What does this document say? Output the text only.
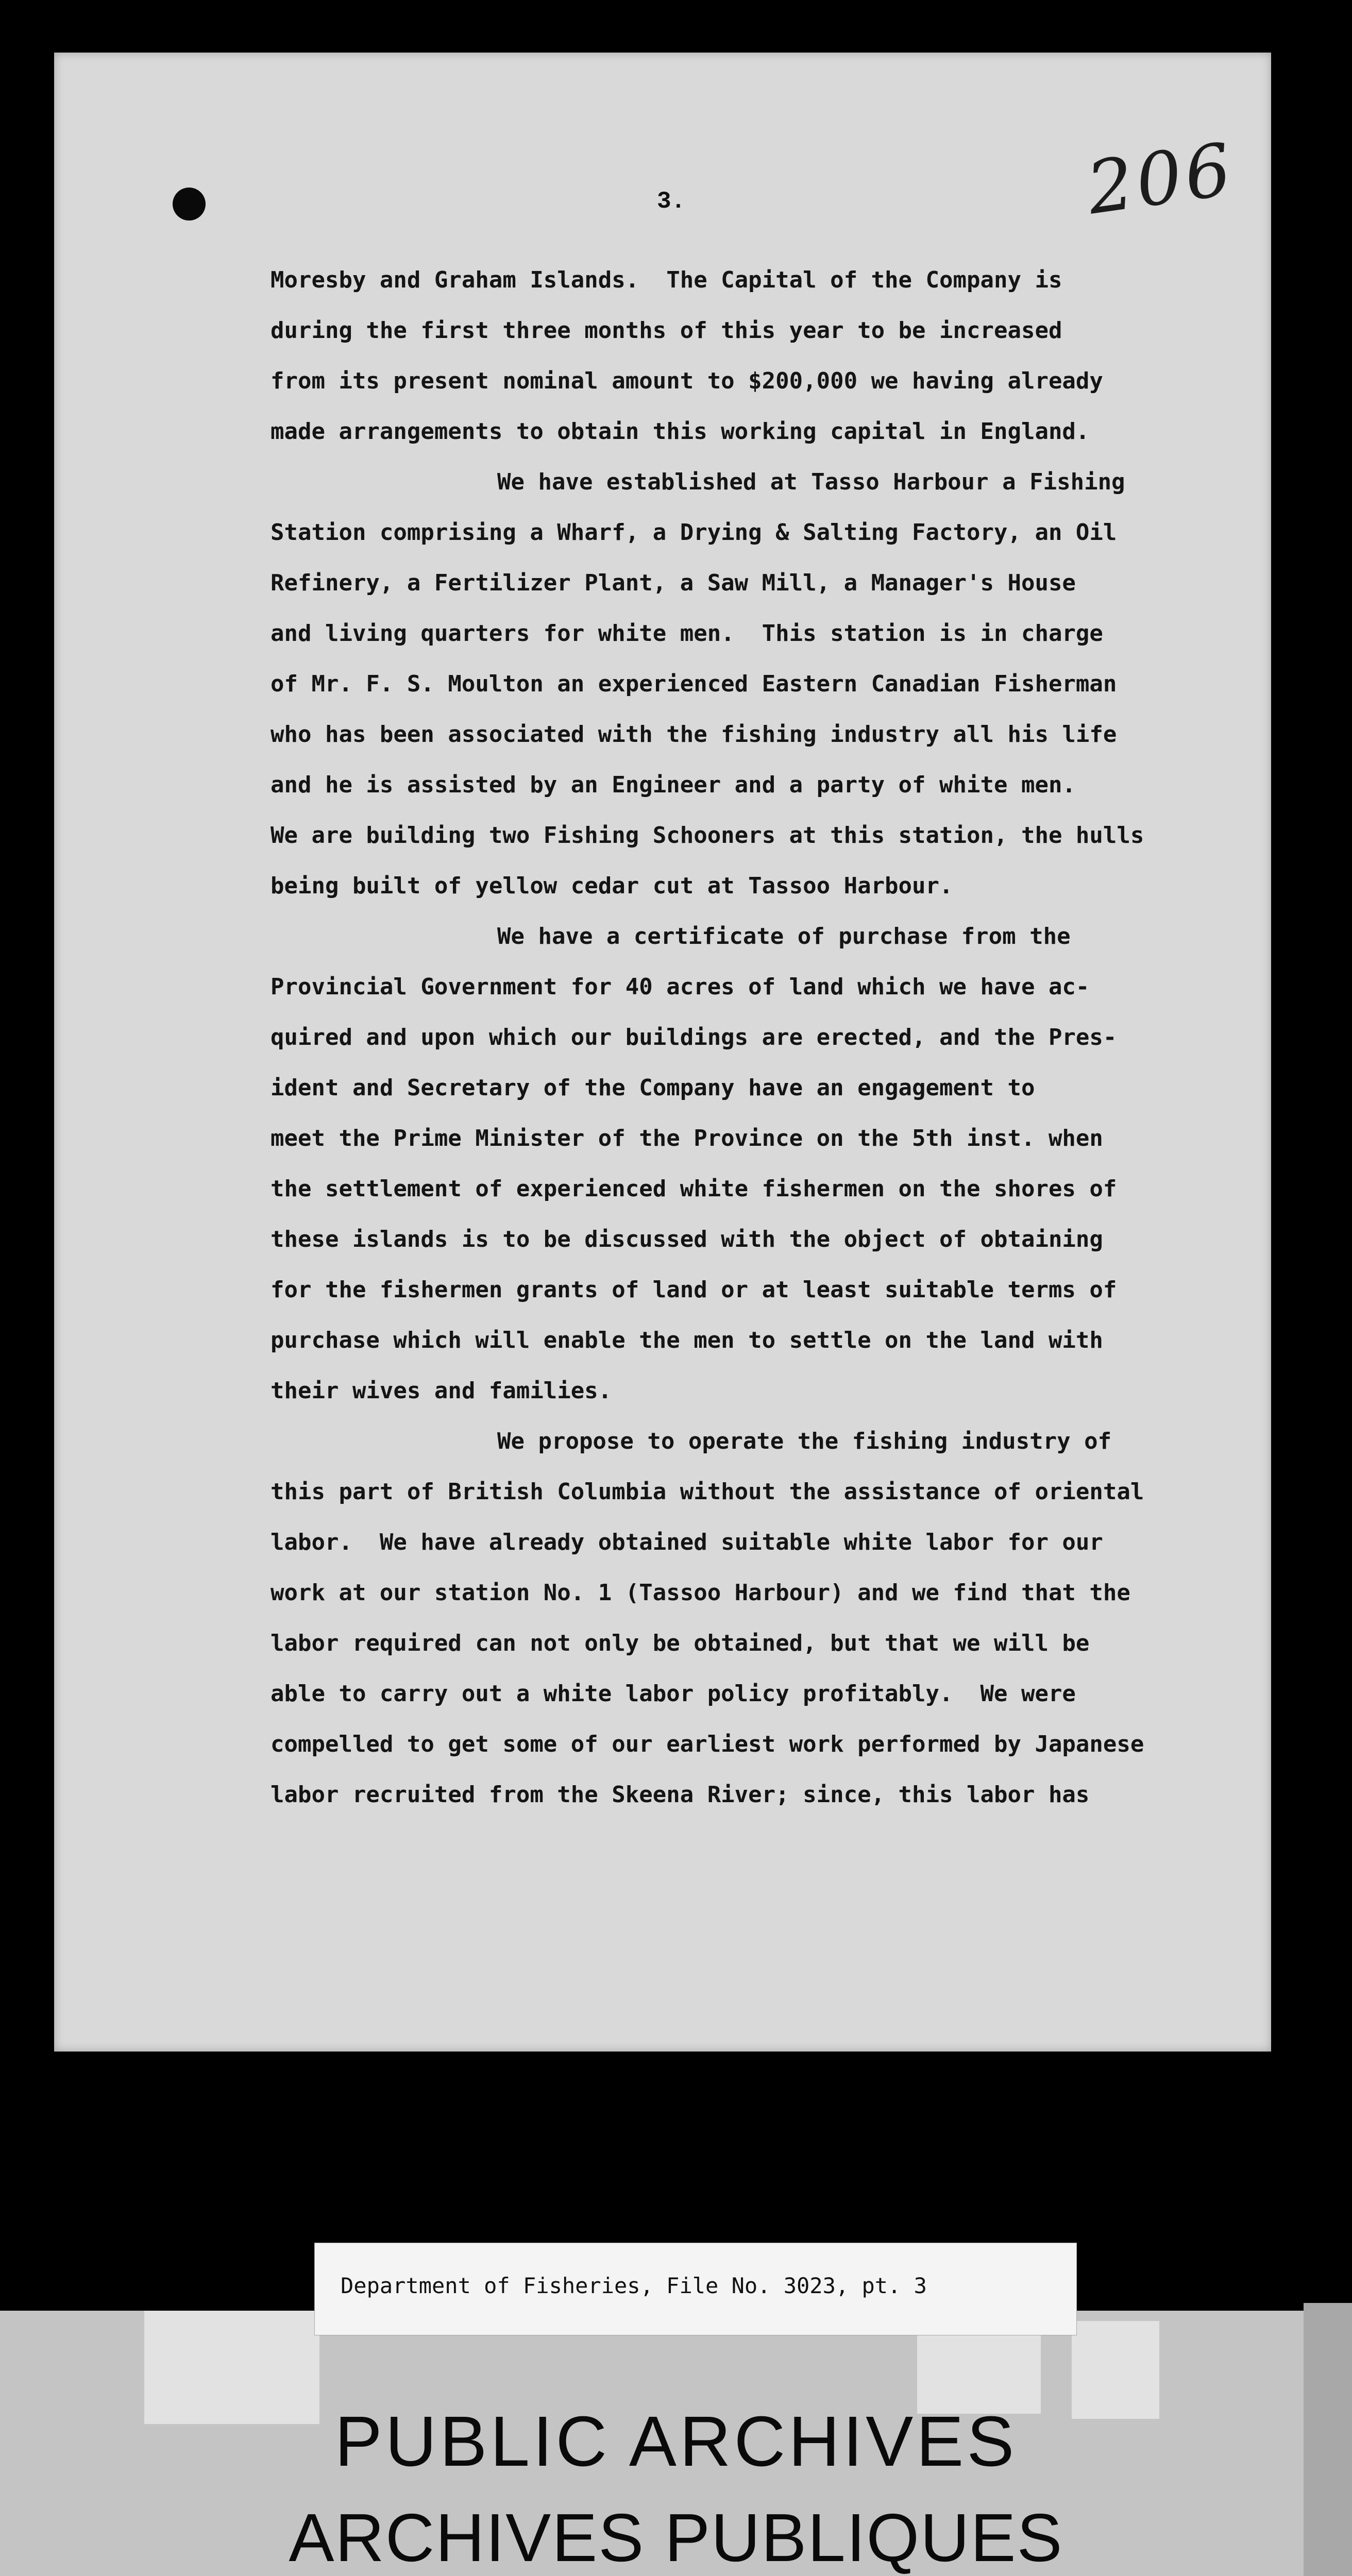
206
3.
Moresby and Graham Islands.  The Capital of the Company is
during the first three months of this year to be increased
from its present nominal amount to $200,000 we having already
made arrangements to obtain this working capital in England.
We have established at Tasso Harbour a Fishing
Station comprising a Wharf, a Drying & Salting Factory, an Oil
Refinery, a Fertilizer Plant, a Saw Mill, a Manager's House
and living quarters for white men.  This station is in charge
of Mr. F. S. Moulton an experienced Eastern Canadian Fisherman
who has been associated with the fishing industry all his life
and he is assisted by an Engineer and a party of white men.
We are building two Fishing Schooners at this station, the hulls
being built of yellow cedar cut at Tassoo Harbour.
We have a certificate of purchase from the
Provincial Government for 40 acres of land which we have ac-
quired and upon which our buildings are erected, and the Pres-
ident and Secretary of the Company have an engagement to
meet the Prime Minister of the Province on the 5th inst. when
the settlement of experienced white fishermen on the shores of
these islands is to be discussed with the object of obtaining
for the fishermen grants of land or at least suitable terms of
purchase which will enable the men to settle on the land with
their wives and families.
We propose to operate the fishing industry of
this part of British Columbia without the assistance of oriental
labor.  We have already obtained suitable white labor for our
work at our station No. 1 (Tassoo Harbour) and we find that the
labor required can not only be obtained, but that we will be
able to carry out a white labor policy profitably.  We were
compelled to get some of our earliest work performed by Japanese
labor recruited from the Skeena River; since, this labor has
Department of Fisheries, File No. 3023, pt. 3
PUBLIC ARCHIVES
ARCHIVES PUBLIQUES
